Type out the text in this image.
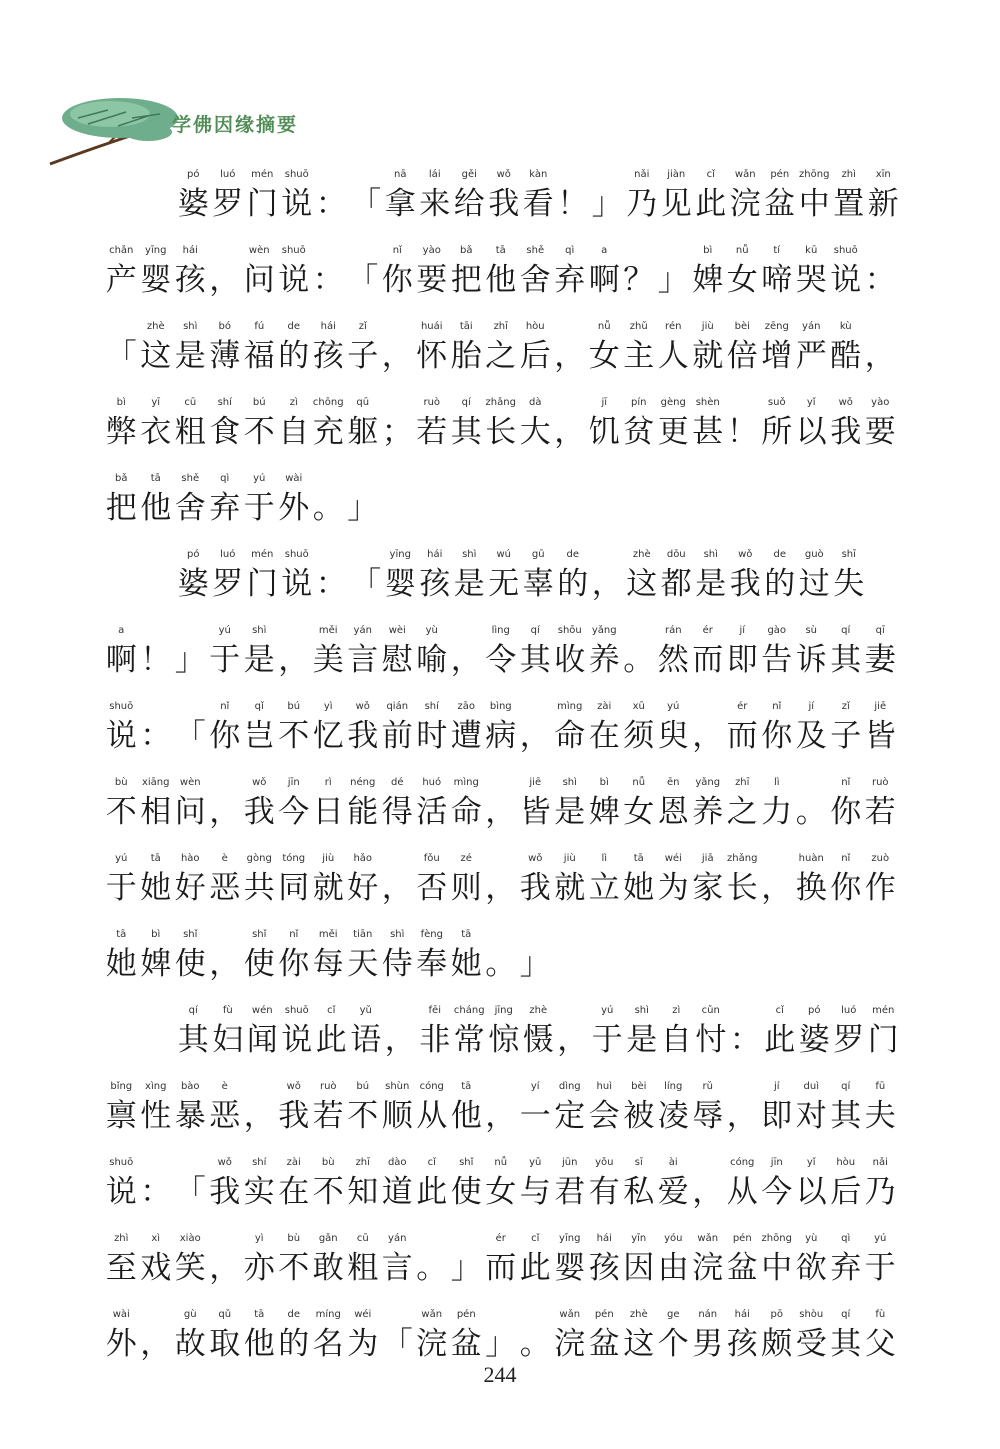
学佛因缘摘要
pó
婆
luó
罗
mén
门
shuō
说 ： 「
nā
拿
lái
来
gěi
给
wǒ
我
kàn
看 ！ 」
nǎi
乃
jiàn
见
cǐ
此
wǎn
浣
pén
盆
zhōng
中
zhì
置
xīn
新
chǎn
产
yīng
婴
hái
孩 ，
wèn
问
shuō
说 ： 「
nǐ
你
yào
要
bǎ
把
tā
他
shě
舍
qì
弃
a
啊 ？ 」
bì
婢
nǚ
女
tí
啼
kū
哭
shuō
说 ：
「
zhè
这
shì
是
bó
薄
fú
福
de
的
hái
孩
zǐ
子 ，
huái
怀
tāi
胎
zhī
之
hòu
后 ，
nǚ
女
zhǔ
主
rén
人
jiù
就
bèi
倍
zēng
增
yán
严
kù
酷 ，
bì
弊
yī
衣
cū
粗
shí
食
bú
不
zì
自
chōng
充
qū
躯 ；
ruò
若
qí
其
zhǎng
长
dà
大 ，
jī
饥
pín
贫
gèng
更
shèn
甚 ！
suǒ
所
yǐ
以
wǒ
我
yào
要
bǎ
把
tā
他
shě
舍
qì
弃
yú
于
wài
外 。 」
pó
婆
luó
罗
mén
门
shuō
说 ： 「
yīng
婴
hái
孩
shì
是
wú
无
gū
辜
de
的 ，
zhè
这
dōu
都
shì
是
wǒ
我
de
的
guò
过
shī
失
a
啊 ！ 」
yú
于
shì
是 ，
měi
美
yán
言
wèi
慰
yù
喻 ，
lìng
令
qí
其
shōu
收
yǎng
养 。
rán
然
ér
而
jí
即
gào
告
sù
诉
qí
其
qī
妻
shuō
说 ： 「
nǐ
你
qǐ
岂
bú
不
yì
忆
wǒ
我
qián
前
shí
时
zāo
遭
bìng
病 ，
mìng
命
zài
在
xū
须
yú
臾 ，
ér
而
nǐ
你
jí
及
zǐ
子
jiē
皆
bù
不
xiāng
相
wèn
问 ，
wǒ
我
jīn
今
rì
日
néng
能
dé
得
huó
活
mìng
命 ，
jiē
皆
shì
是
bì
婢
nǚ
女
ēn
恩
yǎng
养
zhī
之
lì
力 。
nǐ
你
ruò
若
yú
于
tā
她
hào
好
è
恶
gòng
共
tóng
同
jiù
就
hǎo
好 ，
fǒu
否
zé
则 ，
wǒ
我
jiù
就
lì
立
tā
她
wéi
为
jiā
家
zhǎng
长 ，
huàn
换
nǐ
你
zuò
作
tā
她
bì
婢
shǐ
使 ，
shǐ
使
nǐ
你
měi
每
tiān
天
shì
侍
fèng
奉
tā
她 。 」
qí
其
fù
妇
wén
闻
shuō
说
cǐ
此
yǔ
语 ，
fēi
非
cháng
常
jīng
惊
zhè
慑 ，
yú
于
shì
是
zì
自
cǔn
忖 ：
cǐ
此
pó
婆
luó
罗
mén
门
bǐng
禀
xìng
性
bào
暴
è
恶 ，
wǒ
我
ruò
若
bú
不
shùn
顺
cóng
从
tā
他 ，
yí
一
dìng
定
huì
会
bèi
被
líng
凌
rǔ
辱 ，
jí
即
duì
对
qí
其
fū
夫
shuō
说 ： 「
wǒ
我
shí
实
zài
在
bù
不
zhī
知
dào
道
cǐ
此
shǐ
使
nǚ
女
yǔ
与
jūn
君
yǒu
有
sī
私
ài
爱 ，
cóng
从
jīn
今
yǐ
以
hòu
后
nǎi
乃
zhì
至
xì
戏
xiào
笑 ，
yì
亦
bù
不
gǎn
敢
cū
粗
yán
言 。 」
ér
而
cǐ
此
yīng
婴
hái
孩
yīn
因
yóu
由
wǎn
浣
pén
盆
zhōng
中
yù
欲
qì
弃
yú
于
wài
外 ，
gù
故
qǔ
取
tā
他
de
的
míng
名
wéi
为 「
wǎn
浣
pén
盆 」 。
wǎn
浣
pén
盆
zhè
这
ge
个
nán
男
hái
孩
pō
颇
shòu
受
qí
其
fù
父
244
